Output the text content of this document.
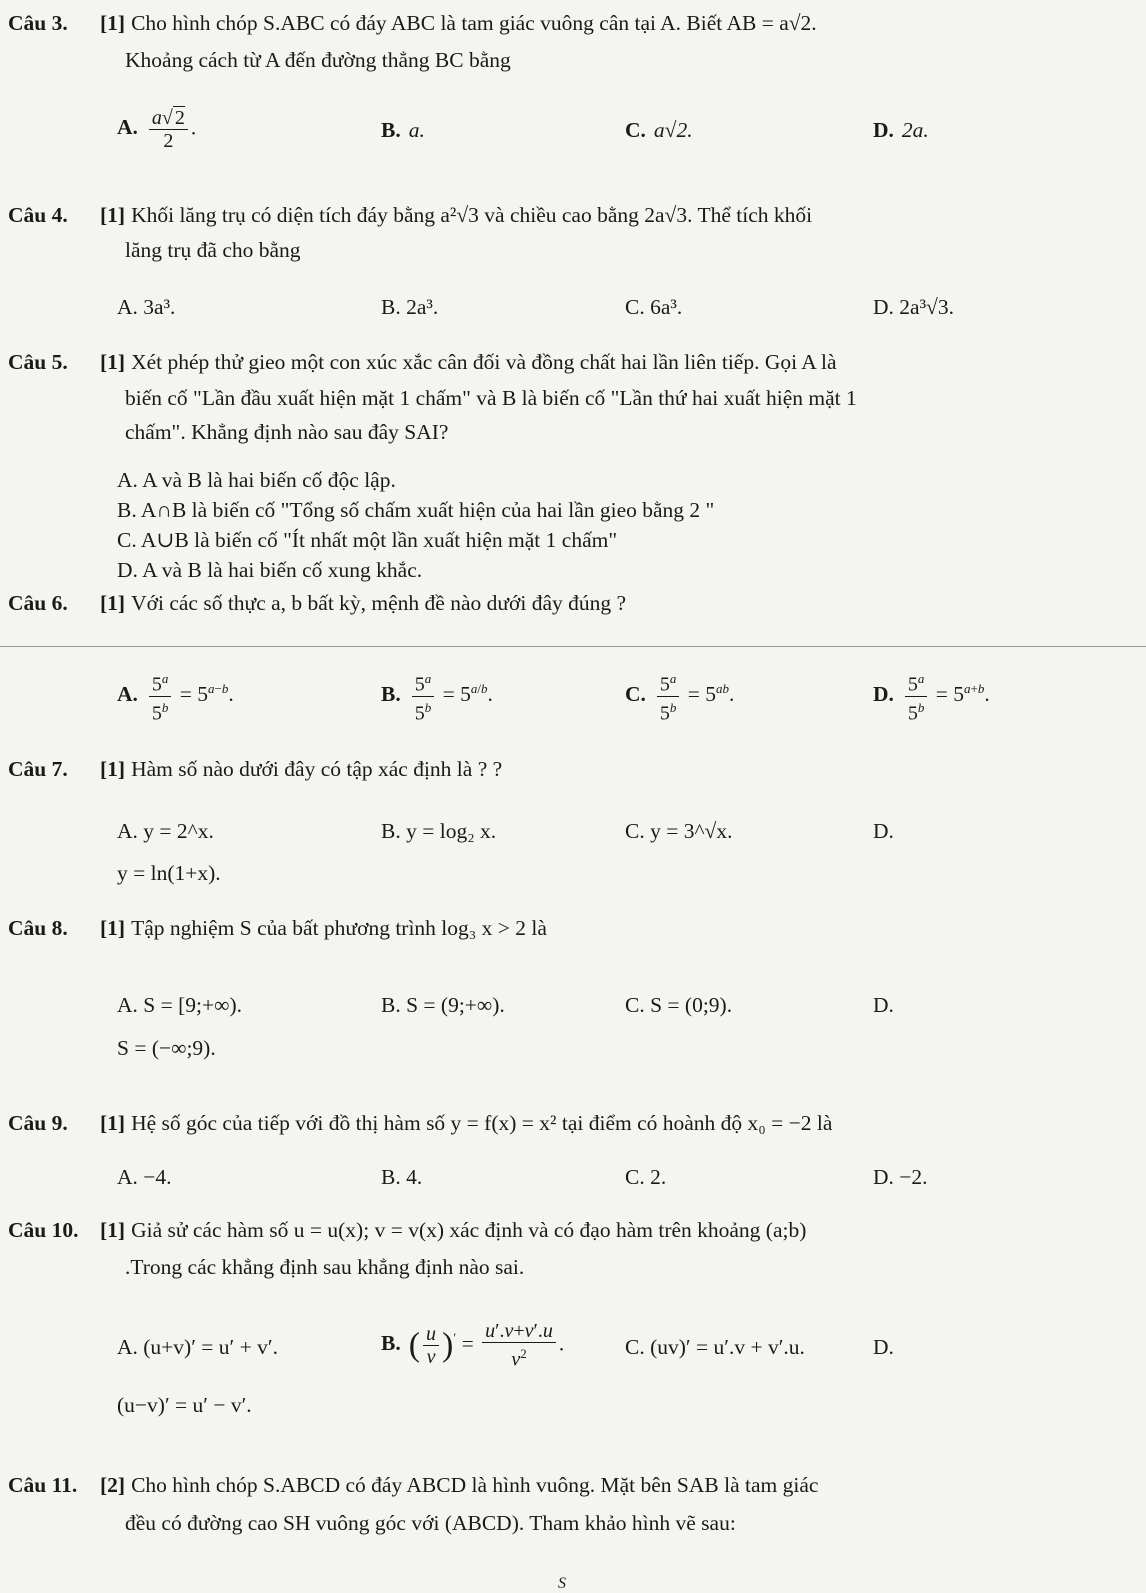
Câu 3. [1] Cho hình chóp S.ABC có đáy ABC là tam giác vuông cân tại A. Biết AB = a√2.
Khoảng cách từ A đến đường thẳng BC bằng
A. $\frac{a√ 2}{2}$ .	B. a.	C. a√2.	D. 2a.
Câu 4. [1] Khối lăng trụ có diện tích đáy bằng a²√3 và chiều cao bằng 2a√3. Thể tích khối
lăng trụ đã cho bằng
A. 3a³.	B. 2a³.	C. 6a³.	D. 2a³√3.
Câu 5. [1] Xét phép thử gieo một con xúc xắc cân đối và đồng chất hai lần liên tiếp. Gọi A là
biến cố "Lần đầu xuất hiện mặt 1 chấm" và B là biến cố "Lần thứ hai xuất hiện mặt 1
chấm". Khẳng định nào sau đây SAI?
A. A và B là hai biến cố độc lập.
B. A∩B là biến cố "Tổng số chấm xuất hiện của hai lần gieo bằng 2 "
C. A∪B là biến cố "Ít nhất một lần xuất hiện mặt 1 chấm"
D. A và B là hai biến cố xung khắc.
Câu 6. [1] Với các số thực a, b bất kỳ, mệnh đề nào dưới đây đúng ?
A. $\frac{5^a}{5^b} = 5^{a-b}$.	B. $\frac{5^a}{5^b} = 5^{a/b}$.	C. $\frac{5^a}{5^b} = 5^{ab}$.	D. $\frac{5^a}{5^b} = 5^{a+b}$.
Câu 7. [1] Hàm số nào dưới đây có tập xác định là ? ?
A. y = 2^x.	B. y = log₂ x.	C. y = 3^√x.	D.
y = ln(1+x).
Câu 8. [1] Tập nghiệm S của bất phương trình log₃ x > 2 là
A. S = [9;+∞).	B. S = (9;+∞).	C. S = (0;9).	D.
S = (−∞;9).
Câu 9. [1] Hệ số góc của tiếp với đồ thị hàm số y = f(x) = x² tại điểm có hoành độ x₀ = −2 là
A. −4.	B. 4.	C. 2.	D. −2.
Câu 10. [1] Giả sử các hàm số u = u(x); v = v(x) xác định và có đạo hàm trên khoảng (a;b)
.Trong các khẳng định sau khẳng định nào sai.
A. (u+v)′ = u′ + v′.	B. ( $\frac{u}{v} )' = \frac{u'.v+v'.u}{v^2}$ .	C. (uv)′ = u′.v + v′.u.	D.
(u−v)′ = u′ − v′.
Câu 11. [2] Cho hình chóp S.ABCD có đáy ABCD là hình vuông. Mặt bên SAB là tam giác
đều có đường cao SH vuông góc với (ABCD). Tham khảo hình vẽ sau:
S
